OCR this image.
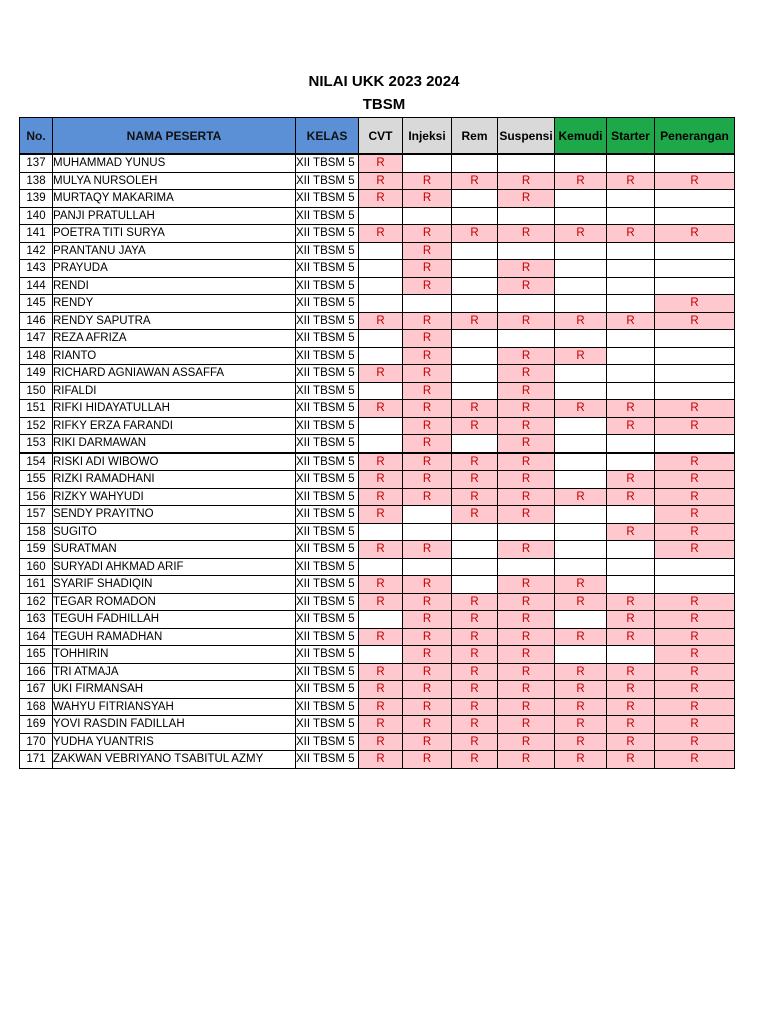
NILAI UKK 2023 2024
TBSM
No.	NAMA PESERTA	KELAS	CVT	Injeksi	Rem	Suspensi	Kemudi	Starter	Penerangan
137	MUHAMMAD YUNUS	XII TBSM 5	R						
138	MULYA NURSOLEH	XII TBSM 5	R	R	R	R	R	R	R
139	MURTAQY MAKARIMA	XII TBSM 5	R	R		R			
140	PANJI PRATULLAH	XII TBSM 5							
141	POETRA TITI SURYA	XII TBSM 5	R	R	R	R	R	R	R
142	PRANTANU JAYA	XII TBSM 5		R					
143	PRAYUDA	XII TBSM 5		R		R			
144	RENDI	XII TBSM 5		R		R			
145	RENDY	XII TBSM 5							R
146	RENDY SAPUTRA	XII TBSM 5	R	R	R	R	R	R	R
147	REZA AFRIZA	XII TBSM 5		R					
148	RIANTO	XII TBSM 5		R		R	R		
149	RICHARD AGNIAWAN ASSAFFA	XII TBSM 5	R	R		R			
150	RIFALDI	XII TBSM 5		R		R			
151	RIFKI HIDAYATULLAH	XII TBSM 5	R	R	R	R	R	R	R
152	RIFKY ERZA FARANDI	XII TBSM 5		R	R	R		R	R
153	RIKI DARMAWAN	XII TBSM 5		R		R			
154	RISKI ADI WIBOWO	XII TBSM 5	R	R	R	R			R
155	RIZKI RAMADHANI	XII TBSM 5	R	R	R	R		R	R
156	RIZKY WAHYUDI	XII TBSM 5	R	R	R	R	R	R	R
157	SENDY PRAYITNO	XII TBSM 5	R		R	R			R
158	SUGITO	XII TBSM 5						R	R
159	SURATMAN	XII TBSM 5	R	R		R			R
160	SURYADI AHKMAD ARIF	XII TBSM 5							
161	SYARIF SHADIQIN	XII TBSM 5	R	R		R	R		
162	TEGAR ROMADON	XII TBSM 5	R	R	R	R	R	R	R
163	TEGUH FADHILLAH	XII TBSM 5		R	R	R		R	R
164	TEGUH RAMADHAN	XII TBSM 5	R	R	R	R	R	R	R
165	TOHHIRIN	XII TBSM 5		R	R	R			R
166	TRI ATMAJA	XII TBSM 5	R	R	R	R	R	R	R
167	UKI FIRMANSAH	XII TBSM 5	R	R	R	R	R	R	R
168	WAHYU FITRIANSYAH	XII TBSM 5	R	R	R	R	R	R	R
169	YOVI RASDIN FADILLAH	XII TBSM 5	R	R	R	R	R	R	R
170	YUDHA YUANTRIS	XII TBSM 5	R	R	R	R	R	R	R
171	ZAKWAN VEBRIYANO TSABITUL AZMY	XII TBSM 5	R	R	R	R	R	R	R
